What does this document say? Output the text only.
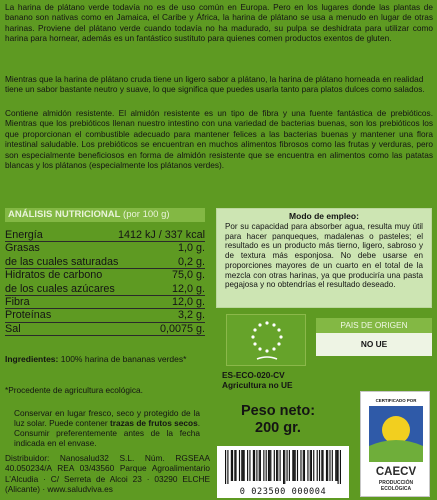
La harina de plátano verde todavía no es de uso común en Europa. Pero en los lugares donde las plantas de banano son nativas como en Jamaica, el Caribe y África, la harina de plátano se usa a menudo en lugar de otras harinas. Proviene del plátano verde cuando todavía no ha madurado, su pulpa se deshidrata para utilizar como harina para hornear, además es un fantástico sustituto para quienes comen productos exentos de gluten.
Mientras que la harina de plátano cruda tiene un ligero sabor a plátano, la harina de plátano horneada en realidad tiene un sabor bastante neutro y suave, lo que significa que puedes usarla tanto para platos dulces como salados.
Contiene almidón resistente. El almidón resistente es un tipo de fibra y una fuente fantástica de prebióticos. Mientras que los prebióticos llenan nuestro intestino con una variedad de bacterias buenas, son los prebióticos los que proporcionan el combustible adecuado para mantener felices a las bacterias buenas y mantener una flora intestinal saludable. Los prebióticos se encuentran en muchos alimentos fibrosos como las frutas y verduras, pero son especialmente beneficiosos en forma de almidón resistente que se encuentra en alimentos como las patatas blancas y los plátanos (especialmente los plátanos verdes).
ANÁLISIS NUTRICIONAL (por 100 g)
Energía	1412 kJ / 337 kcal
Grasas	1,0 g.
de las cuales saturadas	0,2 g.
Hidratos de carbono	75,0 g.
de los cuales azúcares	12,0 g.
Fibra	12,0 g.
Proteínas	3,2 g.
Sal	0,0075 g.
Ingredientes: 100% harina de bananas verdes*
*Procedente de agricultura ecológica.
Conservar en lugar fresco, seco y protegido de la luz solar. Puede contener trazas de frutos secos. Consumir preferentemente antes de la fecha indicada en el envase.
Distribuidor: Nanosalud32 S.L. Núm. RGSEAA 40.050234/A REA 03/43560 Parque Agroalimentario L’Alcudia · C/ Serreta de Alcoi 23 · 03290 ELCHE (Alicante) · www.saludviva.es
Modo de empleo:
Por su capacidad para absorber agua, resulta muy útil para hacer panqueques, madalenas o pasteles; el resultado es un producto más tierno, ligero, sabroso y de textura más esponjosa. No debe usarse en proporciones mayores de un cuarto en el total de la mezcla con otras harinas, ya que produciría una pasta pegajosa y no obtendrías el resultado deseado.
ES-ECO-020-CV
Agricultura no UE
PAIS DE ORIGEN
NO UE
Peso neto:
200 gr.
0 023500 000004
CERTIFICADO POR
CAECV
PRODUCCIÓN
ECOLÓGICA
